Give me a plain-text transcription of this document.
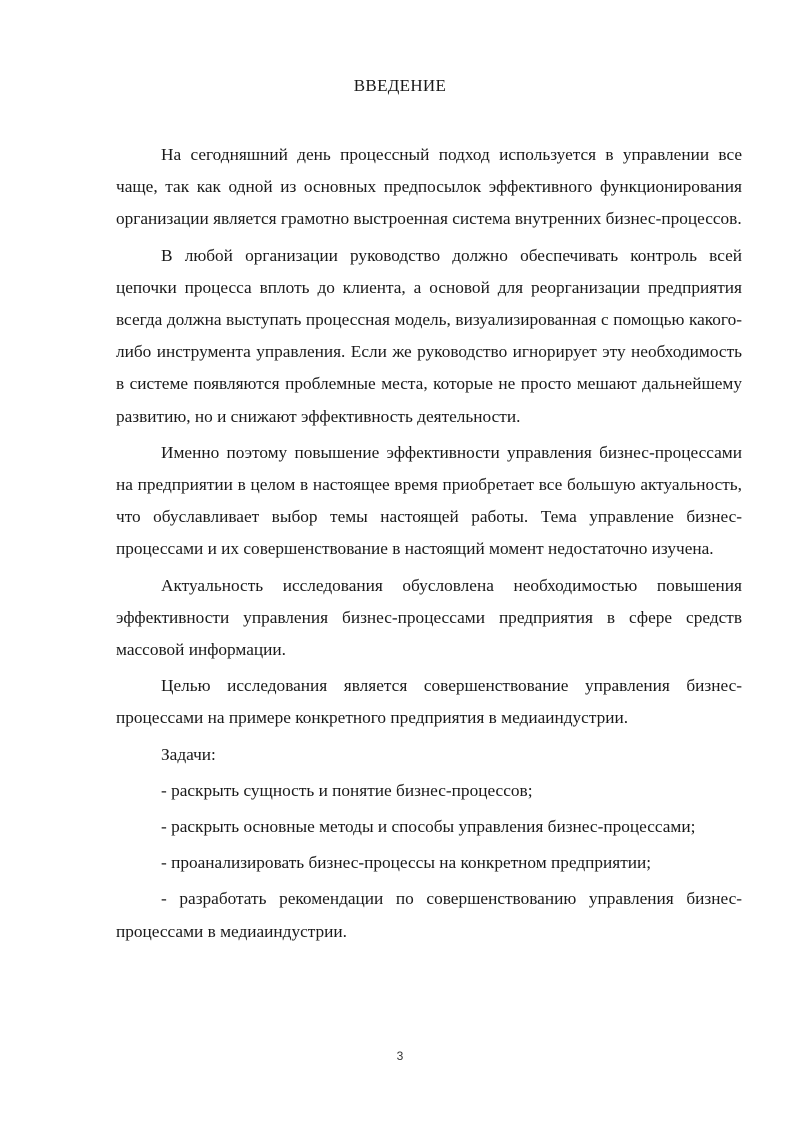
ВВЕДЕНИЕ

На сегодняшний день процессный подход используется в управлении все чаще, так как одной из основных предпосылок эффективного функционирования организации является грамотно выстроенная система внутренних бизнес-процессов.

В любой организации руководство должно обеспечивать контроль всей цепочки процесса вплоть до клиента, а основой для реорганизации предприятия всегда должна выступать процессная модель, визуализированная с помощью какого-либо инструмента управления. Если же руководство игнорирует эту необходимость в системе появляются проблемные места, которые не просто мешают дальнейшему развитию, но и снижают эффективность деятельности.

Именно поэтому повышение эффективности управления бизнес-процессами на предприятии в целом в настоящее время приобретает все большую актуальность, что обуславливает выбор темы настоящей работы. Тема управление бизнес-процессами и их совершенствование в настоящий момент недостаточно изучена.

Актуальность исследования обусловлена необходимостью повышения эффективности управления бизнес-процессами предприятия в сфере средств массовой информации.

Целью исследования является совершенствование управления бизнес-процессами на примере конкретного предприятия в медиаиндустрии.

Задачи:

- раскрыть сущность и понятие бизнес-процессов;

- раскрыть основные методы и способы управления бизнес-процессами;

- проанализировать бизнес-процессы на конкретном предприятии;

- разработать рекомендации по совершенствованию управления бизнес-процессами в медиаиндустрии.

3
